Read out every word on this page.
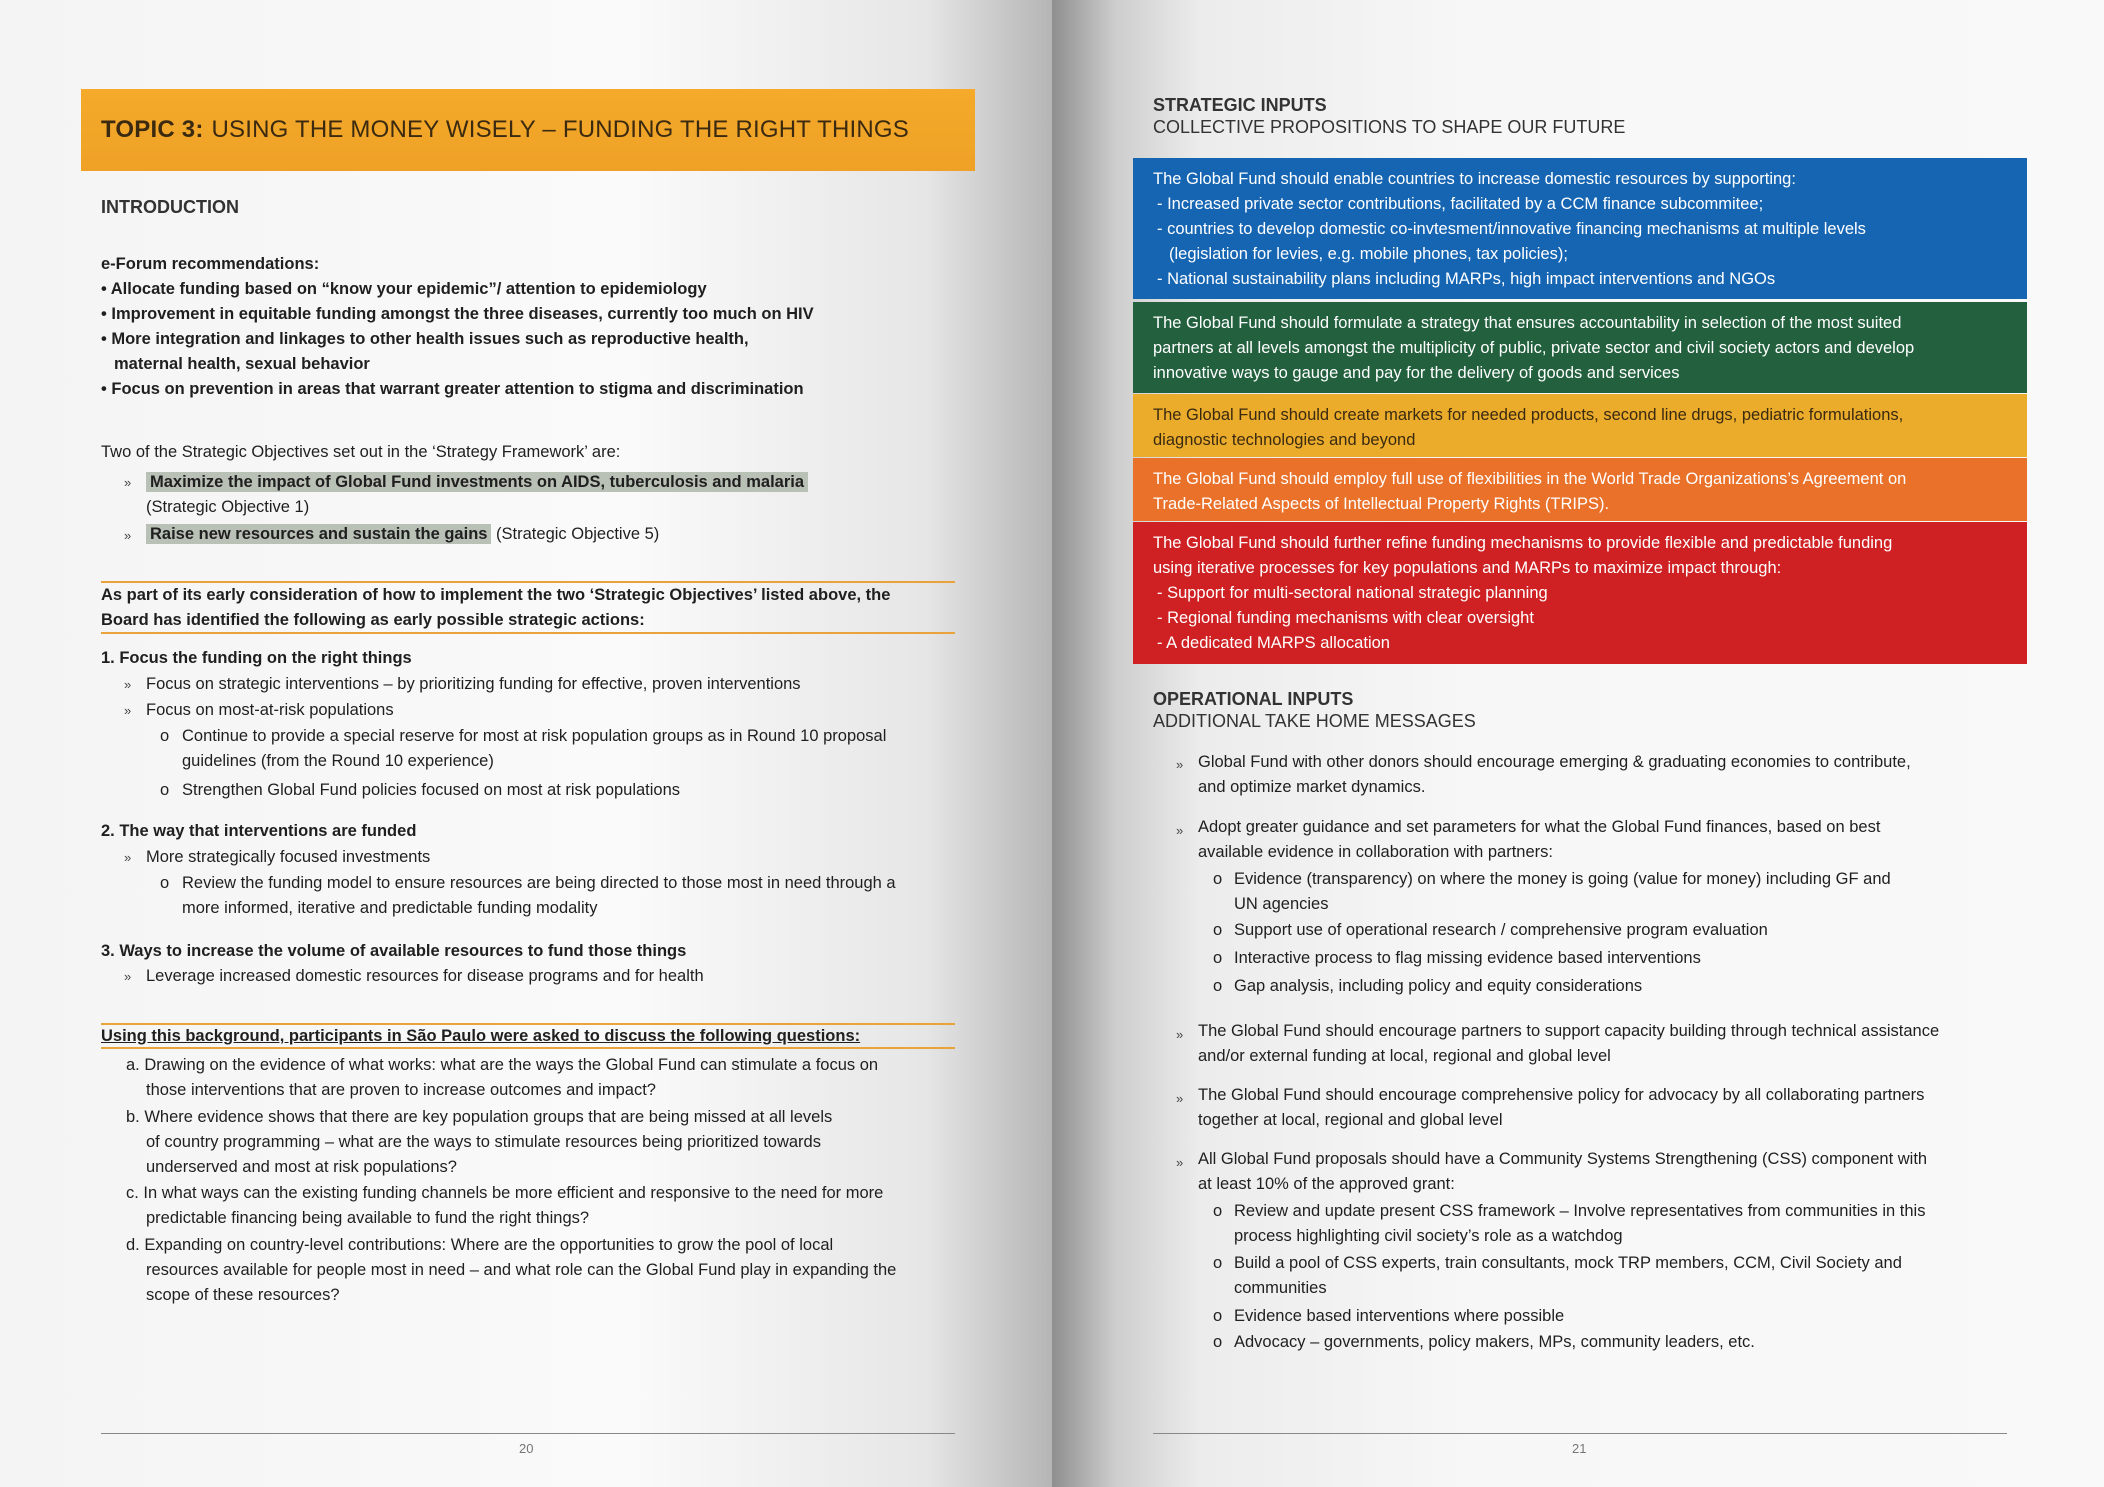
TOPIC 3: USING THE MONEY WISELY – FUNDING THE RIGHT THINGS
INTRODUCTION
e-Forum recommendations:
• Allocate funding based on “know your epidemic”/ attention to epidemiology
• Improvement in equitable funding amongst the three diseases, currently too much on HIV
• More integration and linkages to other health issues such as reproductive health,
maternal health, sexual behavior
• Focus on prevention in areas that warrant greater attention to stigma and discrimination
Two of the Strategic Objectives set out in the ‘Strategy Framework’ are:
» Maximize the impact of Global Fund investments on AIDS, tuberculosis and malaria
(Strategic Objective 1)
» Raise new resources and sustain the gains (Strategic Objective 5)
As part of its early consideration of how to implement the two ‘Strategic Objectives’ listed above, the
Board has identified the following as early possible strategic actions:
1. Focus the funding on the right things
» Focus on strategic interventions – by prioritizing funding for effective, proven interventions
» Focus on most-at-risk populations
o Continue to provide a special reserve for most at risk population groups as in Round 10 proposal
guidelines (from the Round 10 experience)
o Strengthen Global Fund policies focused on most at risk populations
2. The way that interventions are funded
» More strategically focused investments
o Review the funding model to ensure resources are being directed to those most in need through a
more informed, iterative and predictable funding modality
3. Ways to increase the volume of available resources to fund those things
» Leverage increased domestic resources for disease programs and for health
Using this background, participants in São Paulo were asked to discuss the following questions:
a. Drawing on the evidence of what works: what are the ways the Global Fund can stimulate a focus on
those interventions that are proven to increase outcomes and impact?
b. Where evidence shows that there are key population groups that are being missed at all levels
of country programming – what are the ways to stimulate resources being prioritized towards
underserved and most at risk populations?
c. In what ways can the existing funding channels be more efficient and responsive to the need for more
predictable financing being available to fund the right things?
d. Expanding on country-level contributions: Where are the opportunities to grow the pool of local
resources available for people most in need – and what role can the Global Fund play in expanding the
scope of these resources?
20
STRATEGIC INPUTS
COLLECTIVE PROPOSITIONS TO SHAPE OUR FUTURE

The Global Fund should enable countries to increase domestic resources by supporting:

- Increased private sector contributions, facilitated by a CCM finance subcommitee;

- countries to develop domestic co-invtesment/innovative financing mechanisms at multiple levels

(legislation for levies, e.g. mobile phones, tax policies);

- National sustainability plans including MARPs, high impact interventions and NGOs

The Global Fund should formulate a strategy that ensures accountability in selection of the most suited

partners at all levels amongst the multiplicity of public, private sector and civil society actors and develop

innovative ways to gauge and pay for the delivery of goods and services

The Global Fund should create markets for needed products, second line drugs, pediatric formulations,

diagnostic technologies and beyond

The Global Fund should employ full use of flexibilities in the World Trade Organizations’s Agreement on

Trade-Related Aspects of Intellectual Property Rights (TRIPS).

The Global Fund should further refine funding mechanisms to provide flexible and predictable funding

using iterative processes for key populations and MARPs to maximize impact through:

- Support for multi-sectoral national strategic planning

- Regional funding mechanisms with clear oversight

- A dedicated MARPS allocation

OPERATIONAL INPUTS
ADDITIONAL TAKE HOME MESSAGES
» Global Fund with other donors should encourage emerging & graduating economies to contribute,
and optimize market dynamics.
» Adopt greater guidance and set parameters for what the Global Fund finances, based on best
available evidence in collaboration with partners:
o Evidence (transparency) on where the money is going (value for money) including GF and
UN agencies
o Support use of operational research / comprehensive program evaluation
o Interactive process to flag missing evidence based interventions
o Gap analysis, including policy and equity considerations
» The Global Fund should encourage partners to support capacity building through technical assistance
and/or external funding at local, regional and global level
» The Global Fund should encourage comprehensive policy for advocacy by all collaborating partners
together at local, regional and global level
» All Global Fund proposals should have a Community Systems Strengthening (CSS) component with
at least 10% of the approved grant:
o Review and update present CSS framework – Involve representatives from communities in this
process highlighting civil society’s role as a watchdog
o Build a pool of CSS experts, train consultants, mock TRP members, CCM, Civil Society and
communities
o Evidence based interventions where possible
o Advocacy – governments, policy makers, MPs, community leaders, etc.
21
